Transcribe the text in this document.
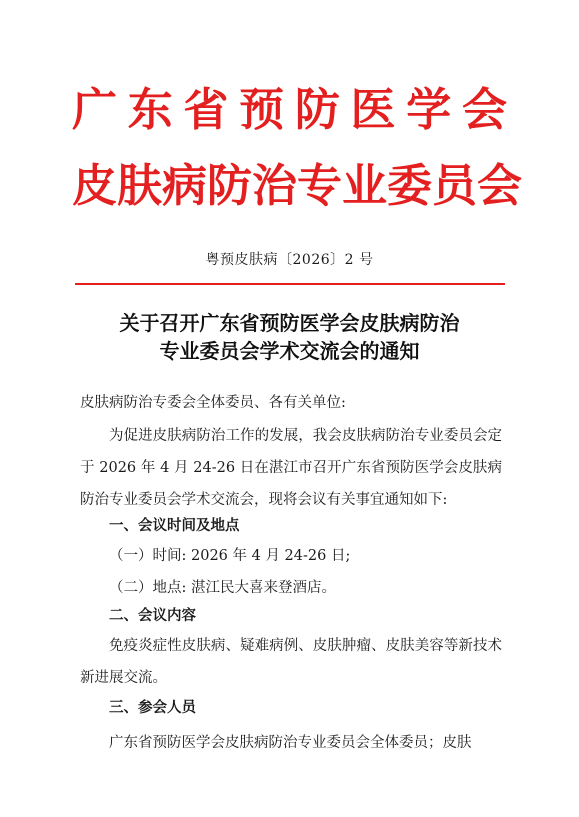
广东省预防医学会
皮肤病防治专业委员会
粤预皮肤病〔2026〕2 号
关于召开广东省预防医学会皮肤病防治
专业委员会学术交流会的通知
皮肤病防治专委会全体委员、各有关单位:
为促进皮肤病防治工作的发展，我会皮肤病防治专业委员会定于 2026 年 4 月 24-26 日在湛江市召开广东省预防医学会皮肤病防治专业委员会学术交流会，现将会议有关事宜通知如下:
一、会议时间及地点
（一）时间: 2026 年 4 月 24-26 日;
（二）地点: 湛江民大喜来登酒店。
二、会议内容
免疫炎症性皮肤病、疑难病例、皮肤肿瘤、皮肤美容等新技术新进展交流。
三、参会人员
广东省预防医学会皮肤病防治专业委员会全体委员；皮肤
